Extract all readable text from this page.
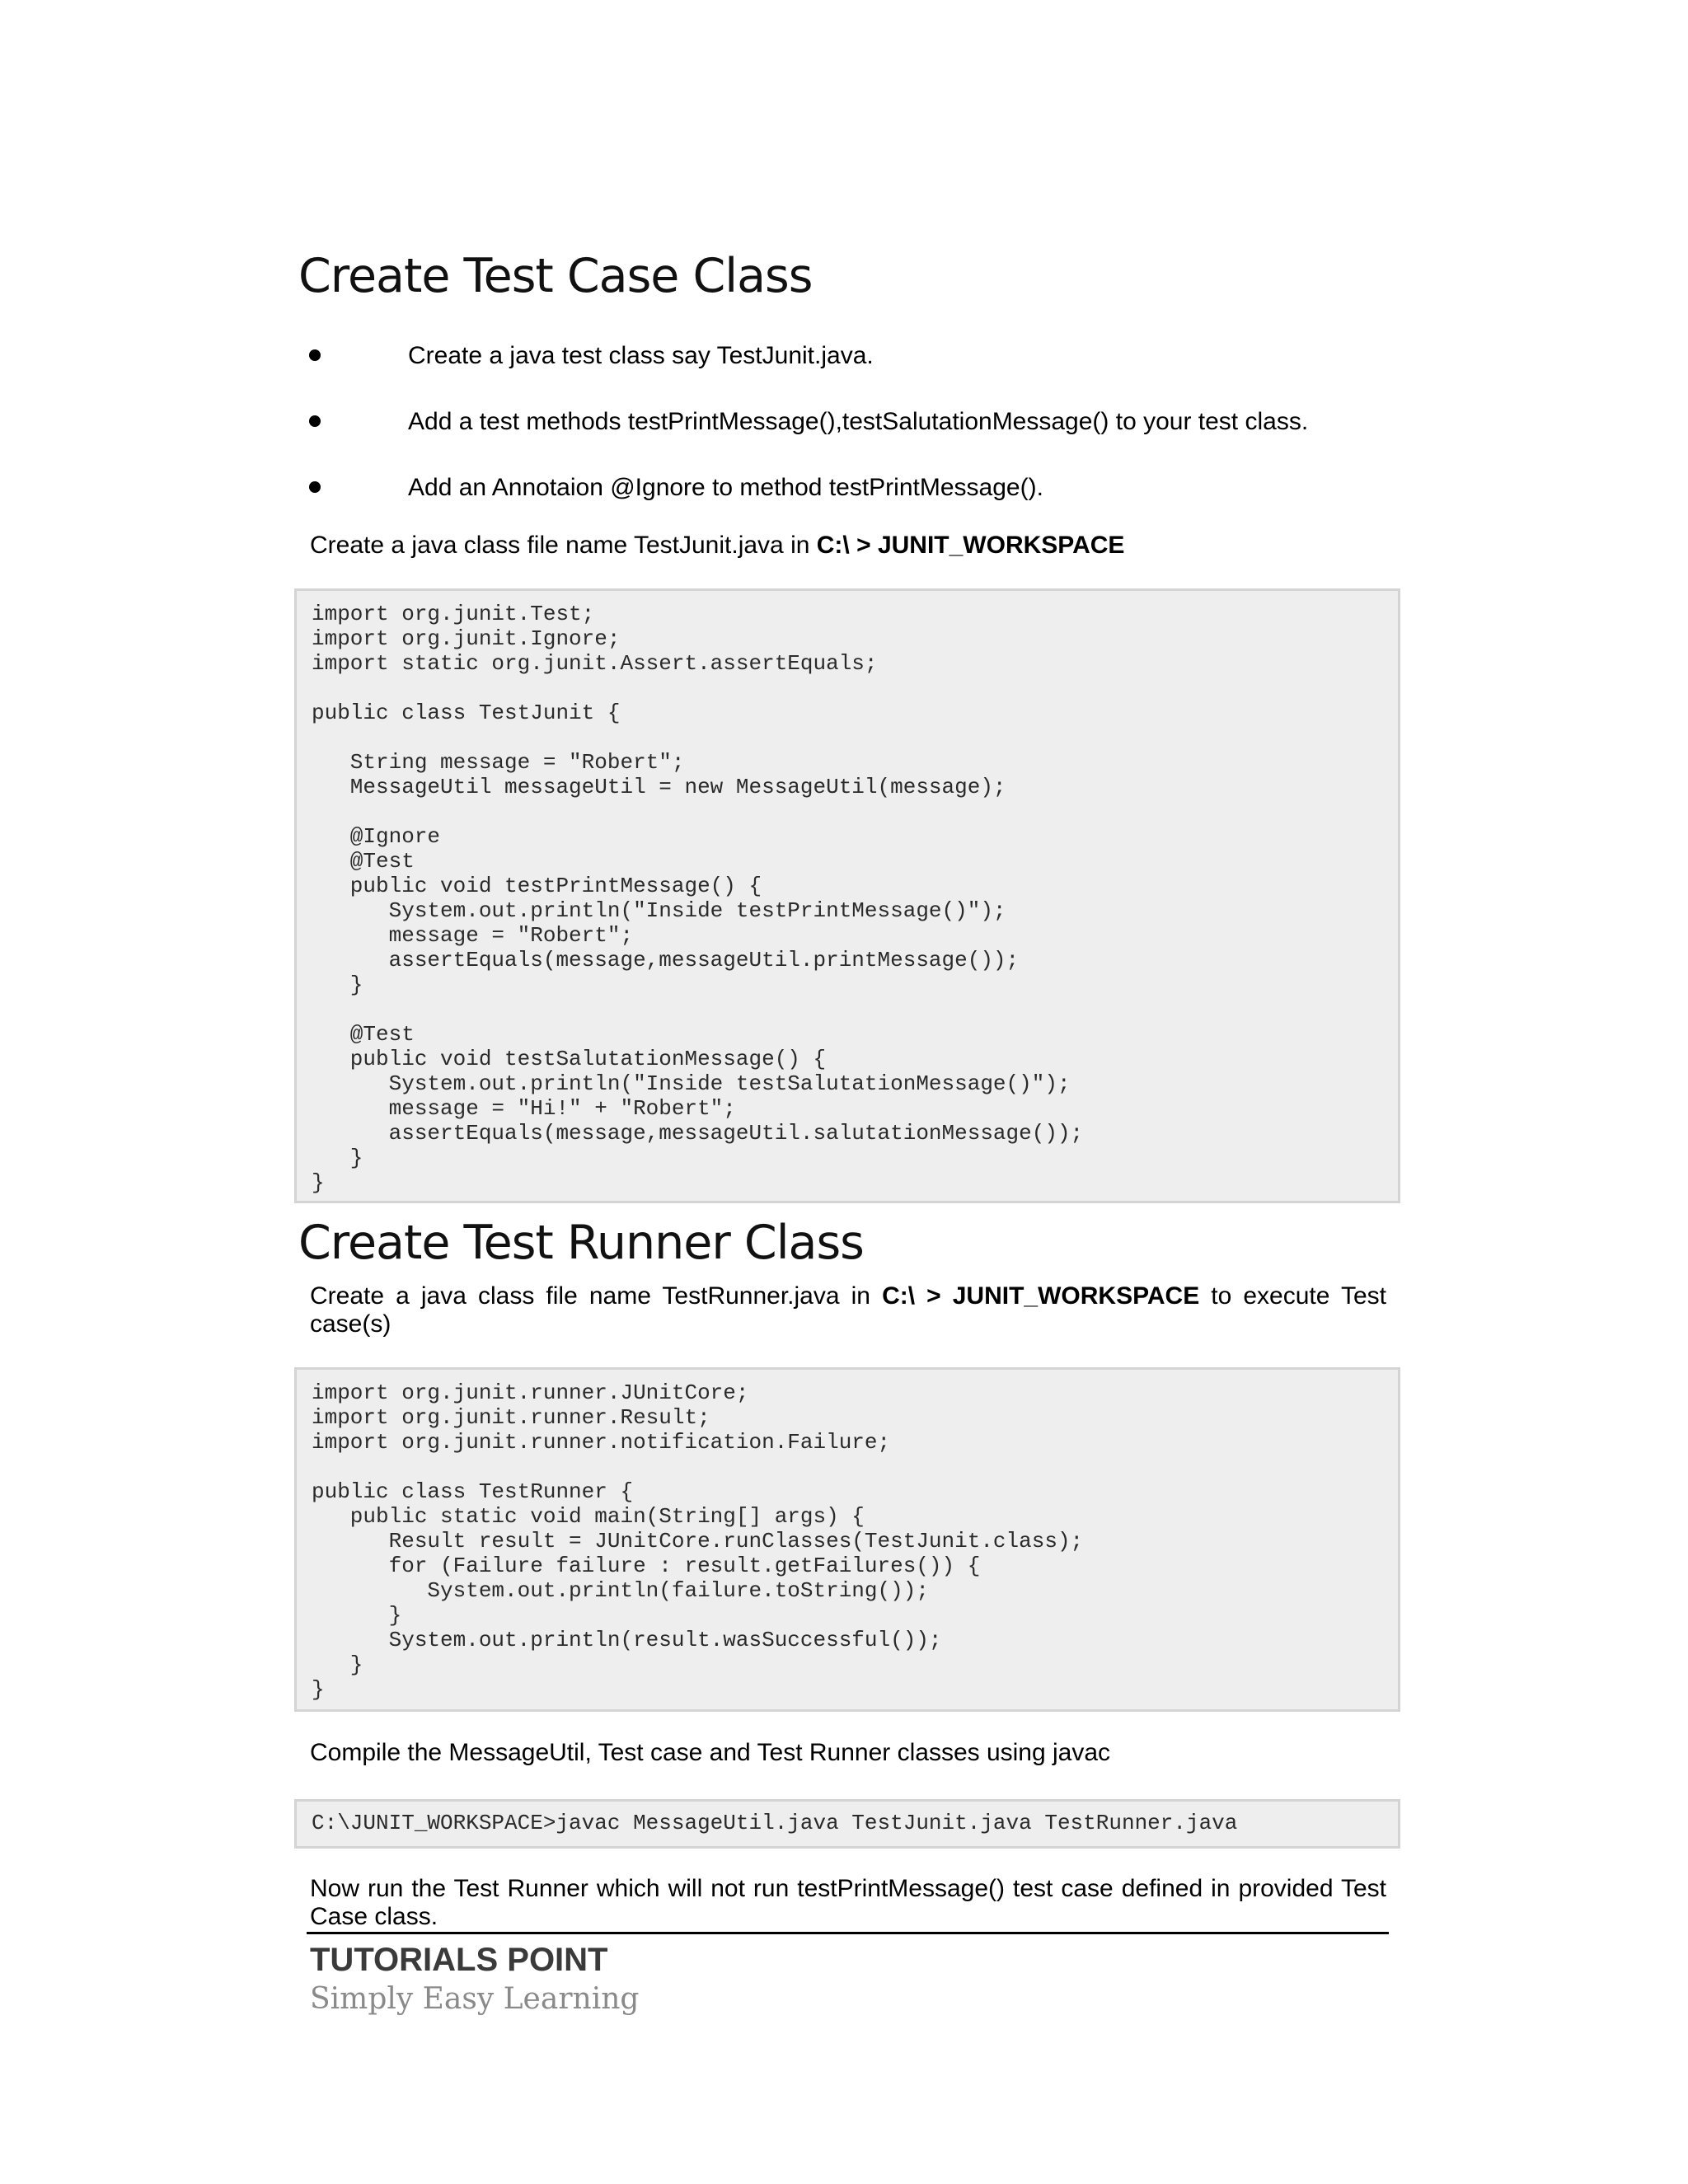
Create Test Case Class
Create a java test class say TestJunit.java.
Add a test methods testPrintMessage(),testSalutationMessage() to your test class.
Add an Annotaion @Ignore to method testPrintMessage().

Create a java class file name TestJunit.java in C:\ > JUNIT_WORKSPACE

import org.junit.Test;
import org.junit.Ignore;
import static org.junit.Assert.assertEquals;

public class TestJunit {

String message = "Robert";
MessageUtil messageUtil = new MessageUtil(message);

@Ignore
@Test
public void testPrintMessage() {
System.out.println("Inside testPrintMessage()");
message = "Robert";
assertEquals(message,messageUtil.printMessage());
}

@Test
public void testSalutationMessage() {
System.out.println("Inside testSalutationMessage()");
message = "Hi!" + "Robert";
assertEquals(message,messageUtil.salutationMessage());
}
}
Create Test Runner Class

Create a java class file name TestRunner.java in C:\ > JUNIT_WORKSPACE to execute Test case(s)

import org.junit.runner.JUnitCore;
import org.junit.runner.Result;
import org.junit.runner.notification.Failure;

public class TestRunner {
public static void main(String[] args) {
Result result = JUnitCore.runClasses(TestJunit.class);
for (Failure failure : result.getFailures()) {
System.out.println(failure.toString());
}
System.out.println(result.wasSuccessful());
}
}

Compile the MessageUtil, Test case and Test Runner classes using javac

C:\JUNIT_WORKSPACE>javac MessageUtil.java TestJunit.java TestRunner.java

Now run the Test Runner which will not run testPrintMessage() test case defined in provided Test Case class.

TUTORIALS POINT
Simply Easy Learning
